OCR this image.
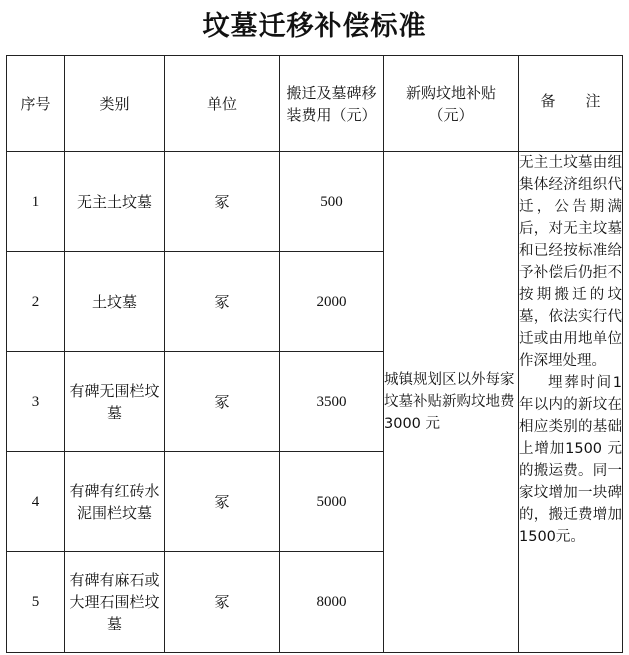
坟墓迁移补偿标准
序号	类别	单位	搬迁及墓碑移装费用（元）	新购坟地补贴（元）	备　　注
1	无主土坟墓	冢	500	城镇规划区以外每家坟墓补贴新购坟地费 3000 元	无主土坟墓由组集体经济组织代迁，公告期满后，对无主坟墓和已经按标准给予补偿后仍拒不按期搬迁的坟墓，依法实行代迁或由用地单位作深埋处理。
埋葬时间1 年以内的新坟在相应类别的基础上增加1500 元的搬运费。同一家坟增加一块碑的，搬迁费增加 1500元。

2	土坟墓	冢	2000		
3	有碑无围栏坟墓	冢	3500		
4	有碑有红砖水泥围栏坟墓	冢	5000		
5	有碑有麻石或大理石围栏坟墓	冢	8000		
